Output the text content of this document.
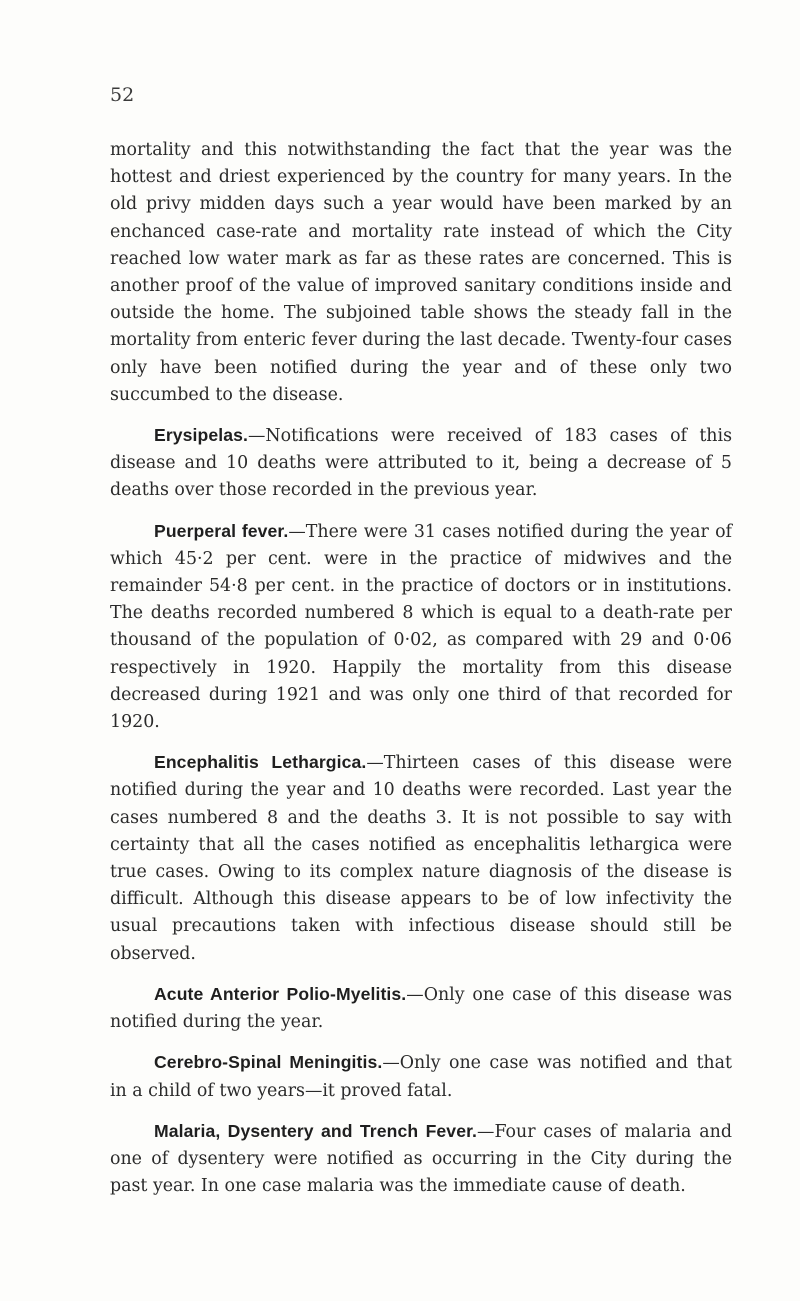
52

mortality and this notwithstanding the fact that the year was the hottest and driest experienced by the country for many years. In the old privy midden days such a year would have been marked by an enchanced case-rate and mortality rate instead of which the City reached low water mark as far as these rates are concerned. This is another proof of the value of improved sanitary conditions inside and outside the home. The subjoined table shows the steady fall in the mortality from enteric fever during the last decade. Twenty-four cases only have been notified during the year and of these only two succumbed to the disease.

Erysipelas.—Notifications were received of 183 cases of this disease and 10 deaths were attributed to it, being a decrease of 5 deaths over those recorded in the previous year.

Puerperal fever.—There were 31 cases notified during the year of which 45·2 per cent. were in the practice of midwives and the remainder 54·8 per cent. in the practice of doctors or in institutions. The deaths recorded numbered 8 which is equal to a death-rate per thousand of the population of 0·02, as compared with 29 and 0·06 respectively in 1920. Happily the mortality from this disease decreased during 1921 and was only one third of that recorded for 1920.

Encephalitis Lethargica.—Thirteen cases of this disease were notified during the year and 10 deaths were recorded. Last year the cases numbered 8 and the deaths 3. It is not possible to say with certainty that all the cases notified as encephalitis lethargica were true cases. Owing to its complex nature diagnosis of the disease is difficult. Although this disease appears to be of low infectivity the usual precautions taken with infectious disease should still be observed.

Acute Anterior Polio-Myelitis.—Only one case of this disease was notified during the year.

Cerebro-Spinal Meningitis.—Only one case was notified and that in a child of two years—it proved fatal.

Malaria, Dysentery and Trench Fever.—Four cases of malaria and one of dysentery were notified as occurring in the City during the past year. In one case malaria was the immediate cause of death.
